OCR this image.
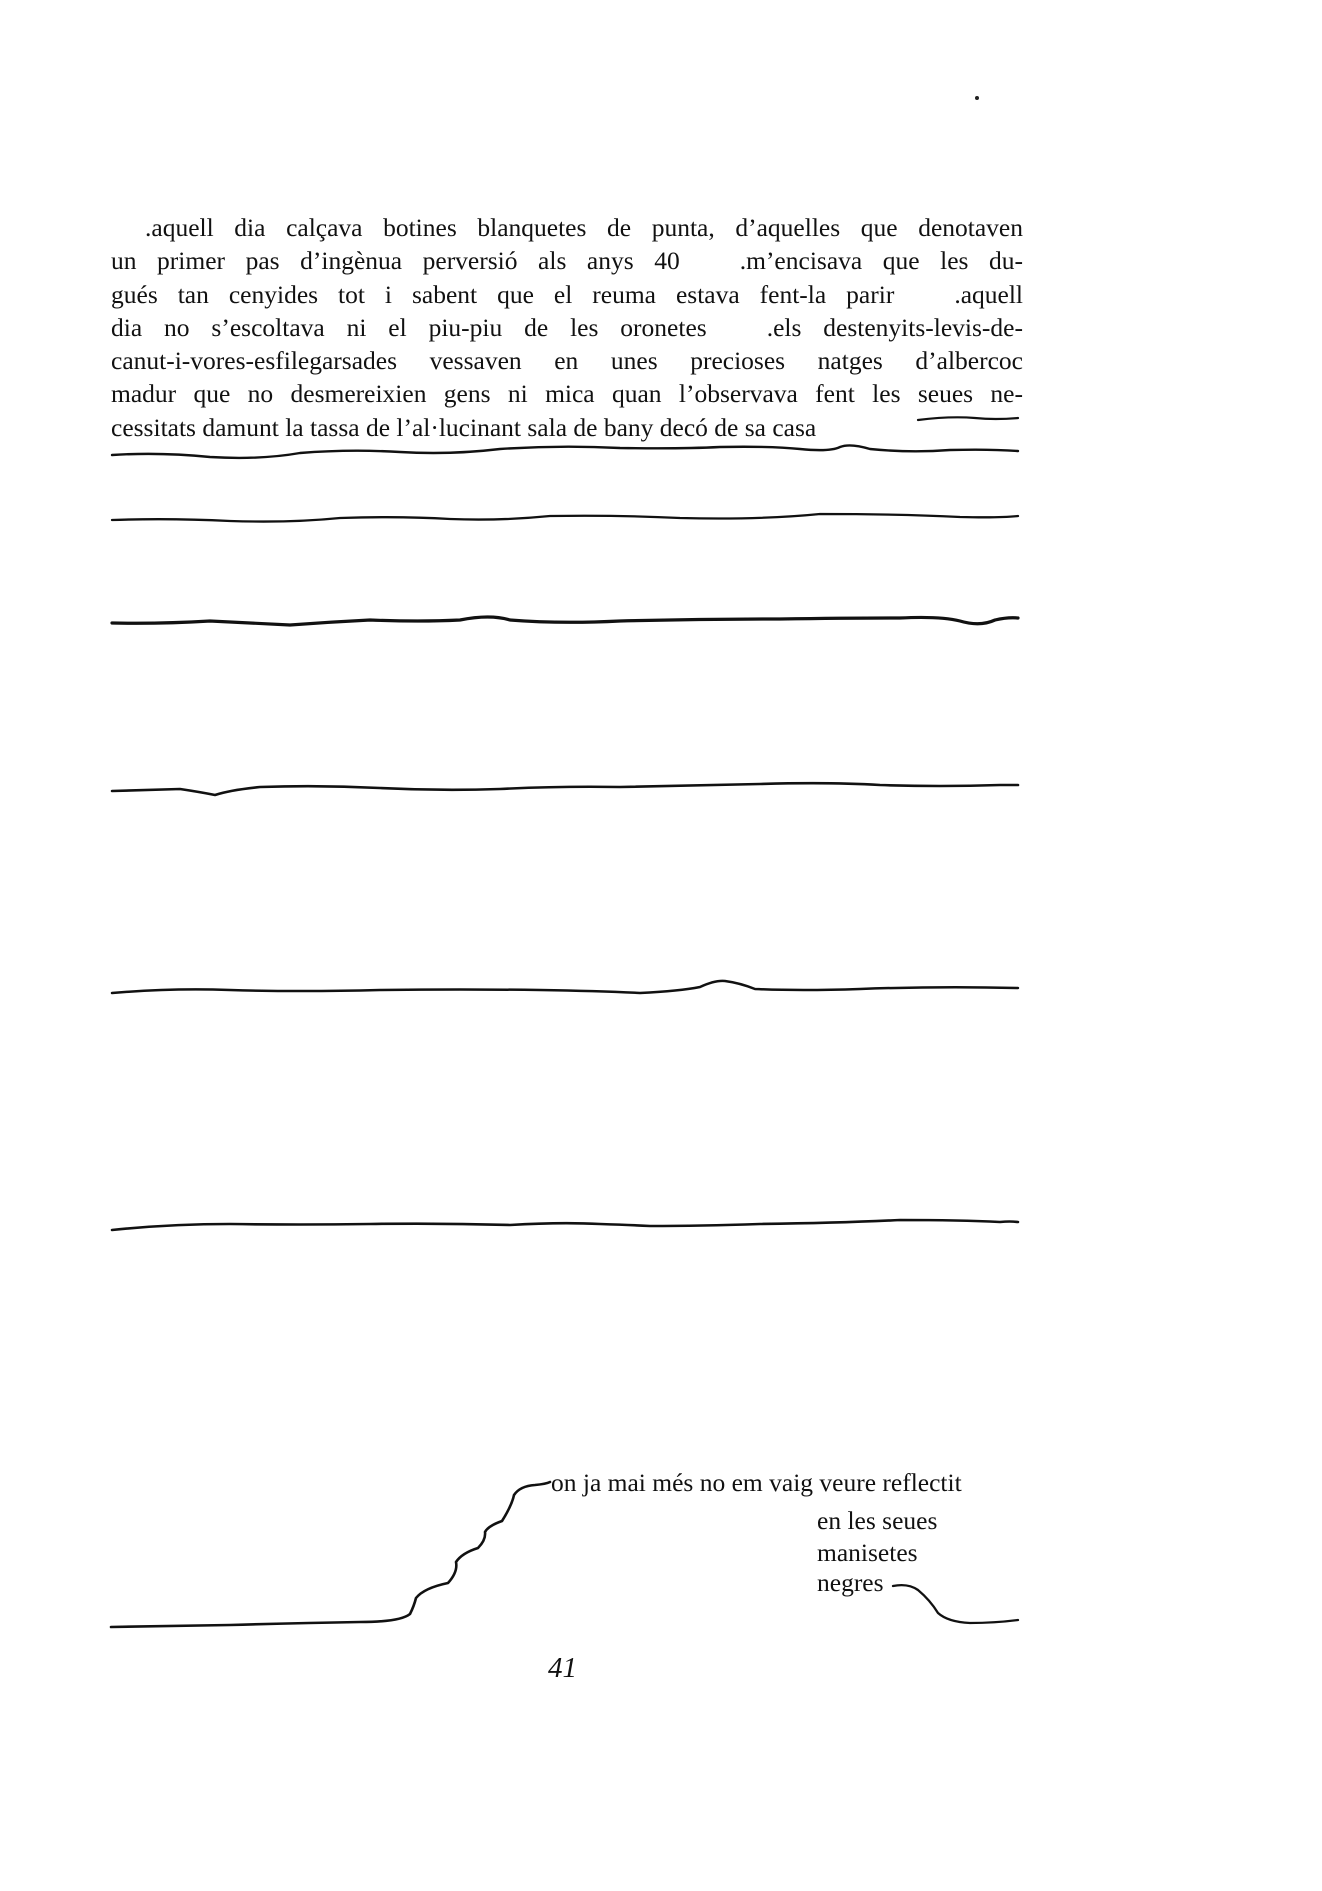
.aquell dia calçava botines blanquetes de punta, d’aquelles que denotaven
un primer pas d’ingènua perversió als anys 40 .m’encisava que les du-
gués tan cenyides tot i sabent que el reuma estava fent-la parir .aquell
dia no s’escoltava ni el piu-piu de les oronetes .els destenyits-levis-de-
canut-i-vores-esfilegarsades vessaven en unes precioses natges d’albercoc
madur que no desmereixien gens ni mica quan l’observava fent les seues ne-
cessitats damunt la tassa de l’al·lucinant sala de bany decó de sa casa
on ja mai més no em vaig veure reflectit
en les seues
manisetes
negres
41
